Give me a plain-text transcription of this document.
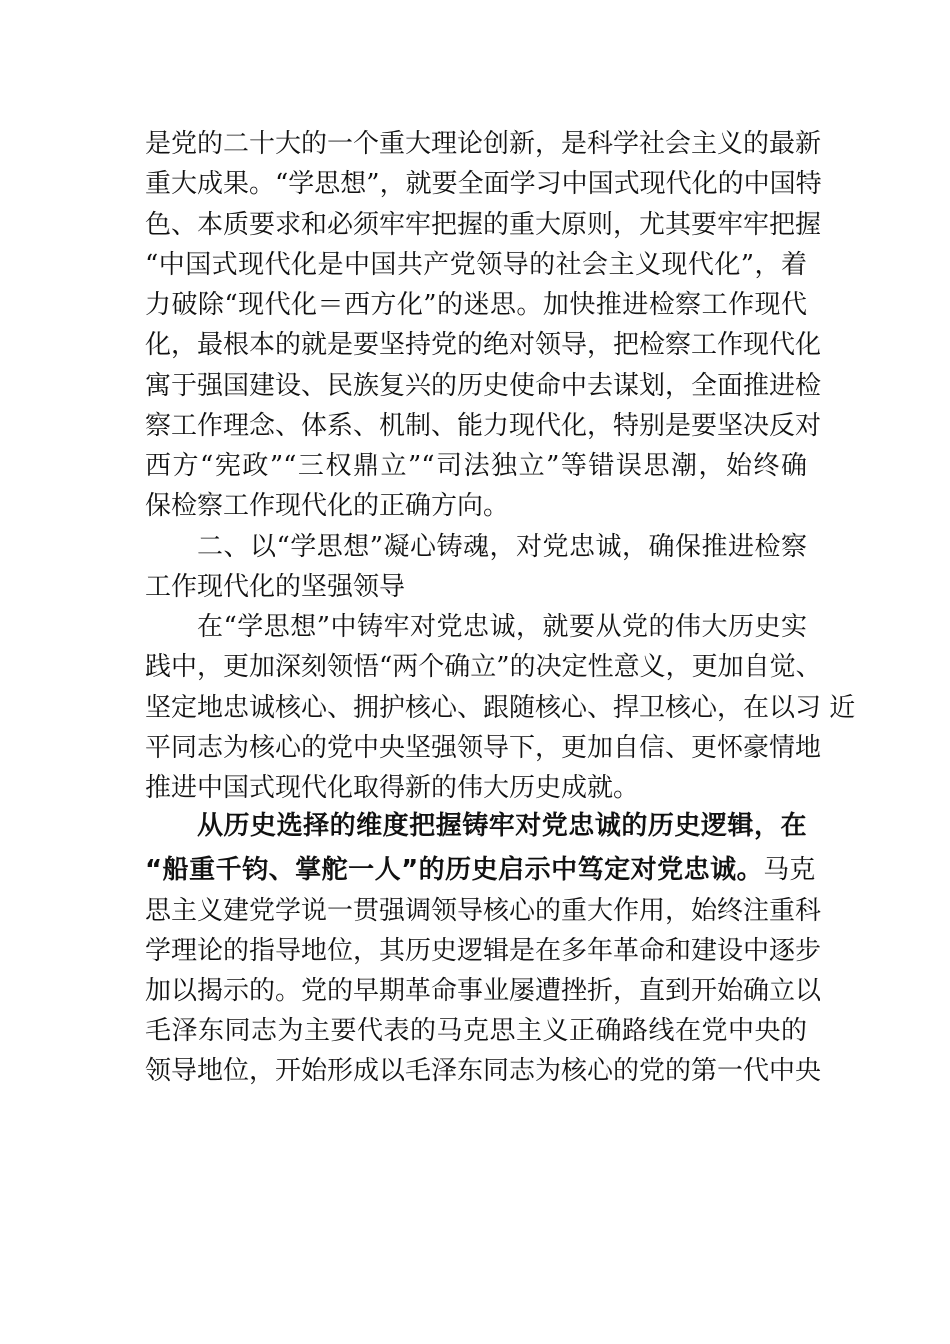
是党的二十大的一个重大理论创新，是科学社会主义的最新
重大成果。“学思想”，就要全面学习中国式现代化的中国特
色、本质要求和必须牢牢把握的重大原则，尤其要牢牢把握
“中国式现代化是中国共产党领导的社会主义现代化”，着
力破除“现代化＝西方化”的迷思。加快推进检察工作现代
化，最根本的就是要坚持党的绝对领导，把检察工作现代化
寓于强国建设、民族复兴的历史使命中去谋划，全面推进检
察工作理念、体系、机制、能力现代化，特别是要坚决反对
西方“宪政”“三权鼎立”“司法独立”等错误思潮，始终确
保检察工作现代化的正确方向。
二、以“学思想”凝心铸魂，对党忠诚，确保推进检察
工作现代化的坚强领导
在“学思想”中铸牢对党忠诚，就要从党的伟大历史实
践中，更加深刻领悟“两个确立”的决定性意义，更加自觉、
坚定地忠诚核心、拥护核心、跟随核心、捍卫核心，在以习 近
平同志为核心的党中央坚强领导下，更加自信、更怀豪情地
推进中国式现代化取得新的伟大历史成就。
从历史选择的维度把握铸牢对党忠诚的历史逻辑，在
“船重千钧、掌舵一人”的历史启示中笃定对党忠诚。马克
思主义建党学说一贯强调领导核心的重大作用，始终注重科
学理论的指导地位，其历史逻辑是在多年革命和建设中逐步
加以揭示的。党的早期革命事业屡遭挫折，直到开始确立以
毛泽东同志为主要代表的马克思主义正确路线在党中央的
领导地位，开始形成以毛泽东同志为核心的党的第一代中央
